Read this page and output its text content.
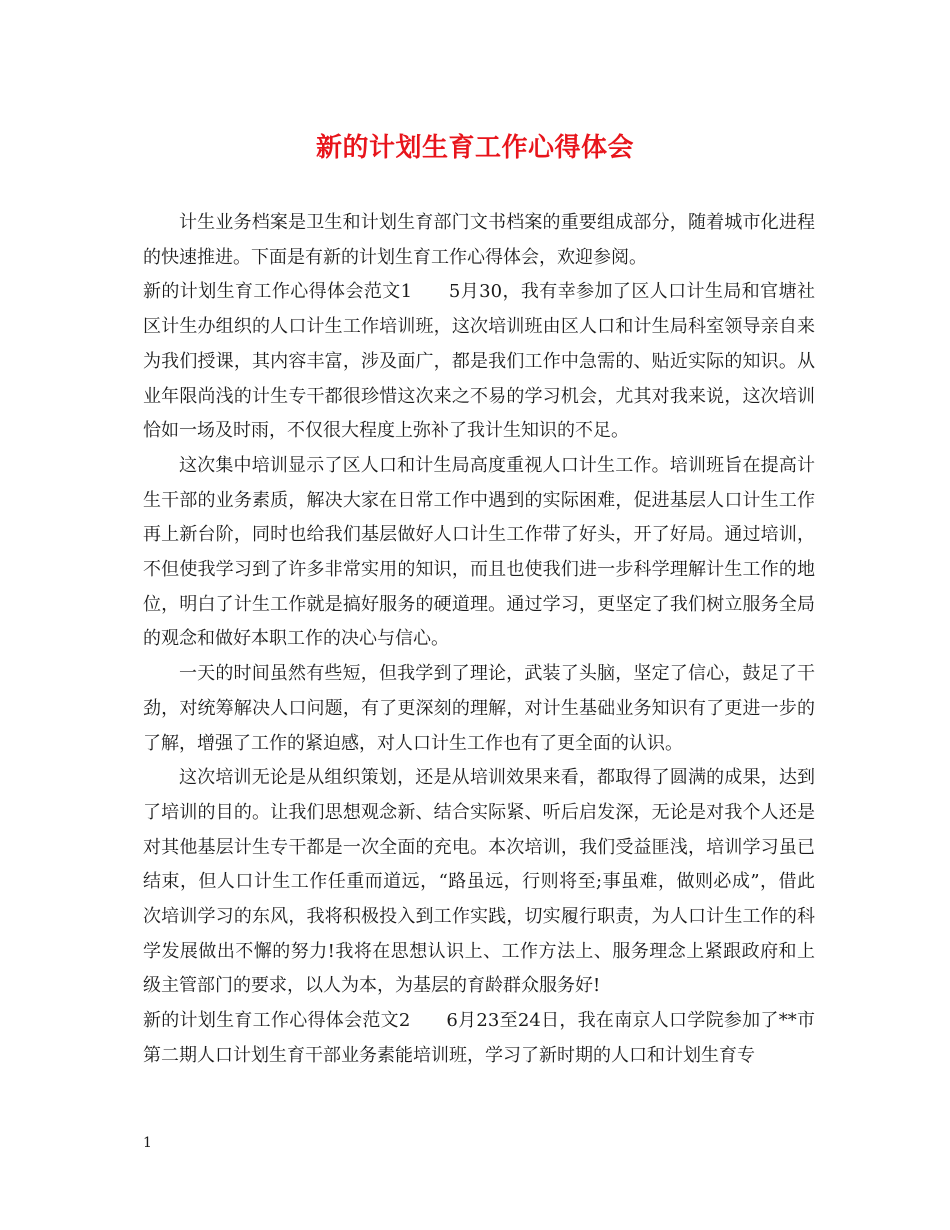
新的计划生育工作心得体会

计生业务档案是卫生和计划生育部门文书档案的重要组成部分，随着城市化进程的快速推进。下面是有新的计划生育工作心得体会，欢迎参阅。

新的计划生育工作心得体会范文1 5月30，我有幸参加了区人口计生局和官塘社区计生办组织的人口计生工作培训班，这次培训班由区人口和计生局科室领导亲自来为我们授课，其内容丰富，涉及面广，都是我们工作中急需的、贴近实际的知识。从业年限尚浅的计生专干都很珍惜这次来之不易的学习机会，尤其对我来说，这次培训恰如一场及时雨，不仅很大程度上弥补了我计生知识的不足。

这次集中培训显示了区人口和计生局高度重视人口计生工作。培训班旨在提高计生干部的业务素质，解决大家在日常工作中遇到的实际困难，促进基层人口计生工作再上新台阶，同时也给我们基层做好人口计生工作带了好头，开了好局。通过培训，不但使我学习到了许多非常实用的知识，而且也使我们进一步科学理解计生工作的地位，明白了计生工作就是搞好服务的硬道理。通过学习，更坚定了我们树立服务全局的观念和做好本职工作的决心与信心。

一天的时间虽然有些短，但我学到了理论，武装了头脑，坚定了信心，鼓足了干劲，对统筹解决人口问题，有了更深刻的理解，对计生基础业务知识有了更进一步的了解，增强了工作的紧迫感，对人口计生工作也有了更全面的认识。

这次培训无论是从组织策划，还是从培训效果来看，都取得了圆满的成果，达到了培训的目的。让我们思想观念新、结合实际紧、听后启发深，无论是对我个人还是对其他基层计生专干都是一次全面的充电。本次培训，我们受益匪浅，培训学习虽已结束，但人口计生工作任重而道远，“路虽远，行则将至;事虽难，做则必成”，借此次培训学习的东风，我将积极投入到工作实践，切实履行职责，为人口计生工作的科学发展做出不懈的努力!我将在思想认识上、工作方法上、服务理念上紧跟政府和上级主管部门的要求，以人为本，为基层的育龄群众服务好!

新的计划生育工作心得体会范文2 6月23至24日，我在南京人口学院参加了**市第二期人口计划生育干部业务素能培训班，学习了新时期的人口和计划生育专

1
